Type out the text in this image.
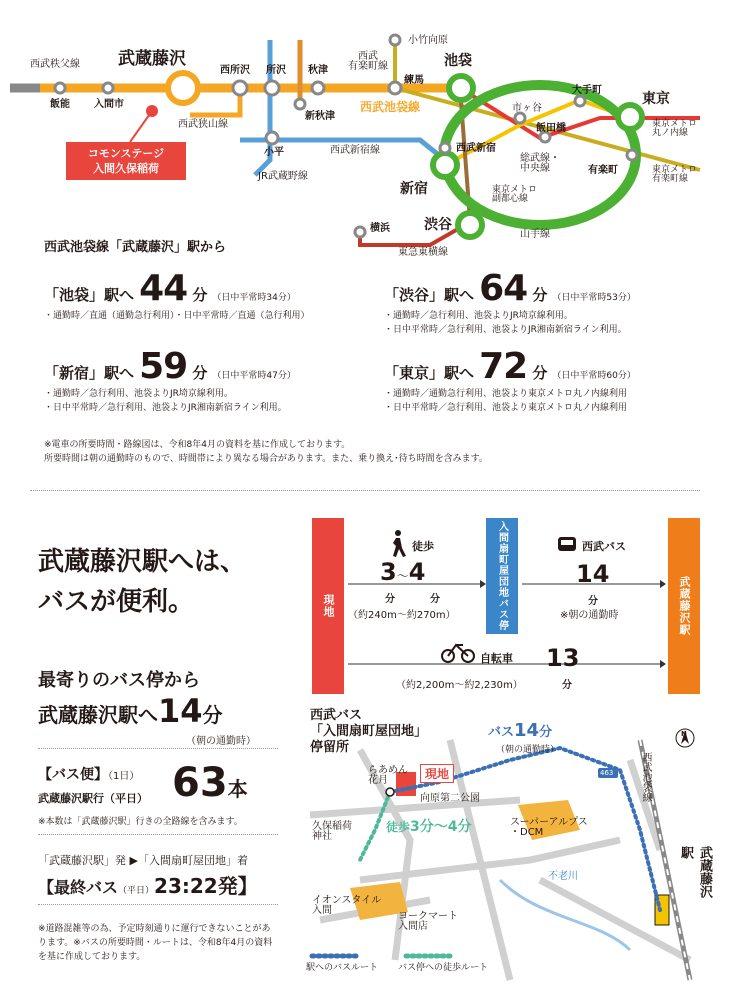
西武秩父線 武蔵藤沢
飯能 入間市
西武狭山線
西所沢 所沢 秋津
新秋津
小平
JR武蔵野線
西武新宿線
西武
有楽町線
小竹向原
練馬
池袋
西武池袋線	市ヶ谷
大手町
東京
飯田橋
西武新宿
総武線・
中央線
新宿	東京メトロ
副都心線
有楽町
東京メトロ
丸ノ内線
東京メトロ
有楽町線
横浜 渋谷
東急東横線
山手線
コモンステージ
入間久保稲荷
西武池袋線「武蔵藤沢」駅から
「池袋」駅へ 44 分 （日中平常時34分）
・通勤時／直通（通勤急行利用）・日中平常時／直通（急行利用）
「渋谷」駅へ 64 分 （日中平常時53分）
・通勤時／急行利用、池袋よりJR埼京線利用。
・日中平常時／急行利用、池袋よりJR湘南新宿ライン利用。
「新宿」駅へ 59 分 （日中平常時47分）
・通勤時／急行利用、池袋よりJR埼京線利用。
・日中平常時／急行利用、池袋よりJR湘南新宿ライン利用。
「東京」駅へ 72 分 （日中平常時60分）
・通勤時／通勤急行利用、池袋より東京メトロ丸ノ内線利用
・日中平常時／急行利用、池袋より東京メトロ丸ノ内線利用
※電車の所要時間・路線図は、令和8年4月の資料を基に作成しております。
所要時間は朝の通勤時のもので、時間帯により異なる場合があります。また、乗り換え･待ち時間を含みます。
武蔵藤沢駅へは、
バスが便利。
最寄りのバス停から
武蔵藤沢駅へ14分
（朝の通勤時）
【バス便】（1日）
武蔵藤沢駅行（平日） 63本
※本数は「武蔵藤沢駅」行きの全路線を含みます。
「武蔵藤沢駅」発 ▶「入間扇町屋団地」着
【最終バス（平日）23:22発】
※道路混雑等の為、予定時刻通りに運行できないことがあります。※バスの所要時間・ルートは、令和8年4月の資料を基に作成しております。
現地	入間扇町屋団地バス停	武蔵藤沢駅
徒歩
3～4
分	分
（約240m～約270m）
西武バス
14
分
※朝の通勤時
自転車 13
分
（約2,200m～約2,230m）
西武バス
「入間扇町屋団地」
停留所
バス14分
（朝の通勤時）
現地
らあめん
花月
向原第二公園
久保稲荷
神社
徒歩3分～4分	スーパーアルプス
・DCM
イオンスタイル
入間
ヨークマート
入間店
不老川
西武池袋線
武蔵藤沢
駅
N
463
駅へのバスルート バス停への徒歩ルート
